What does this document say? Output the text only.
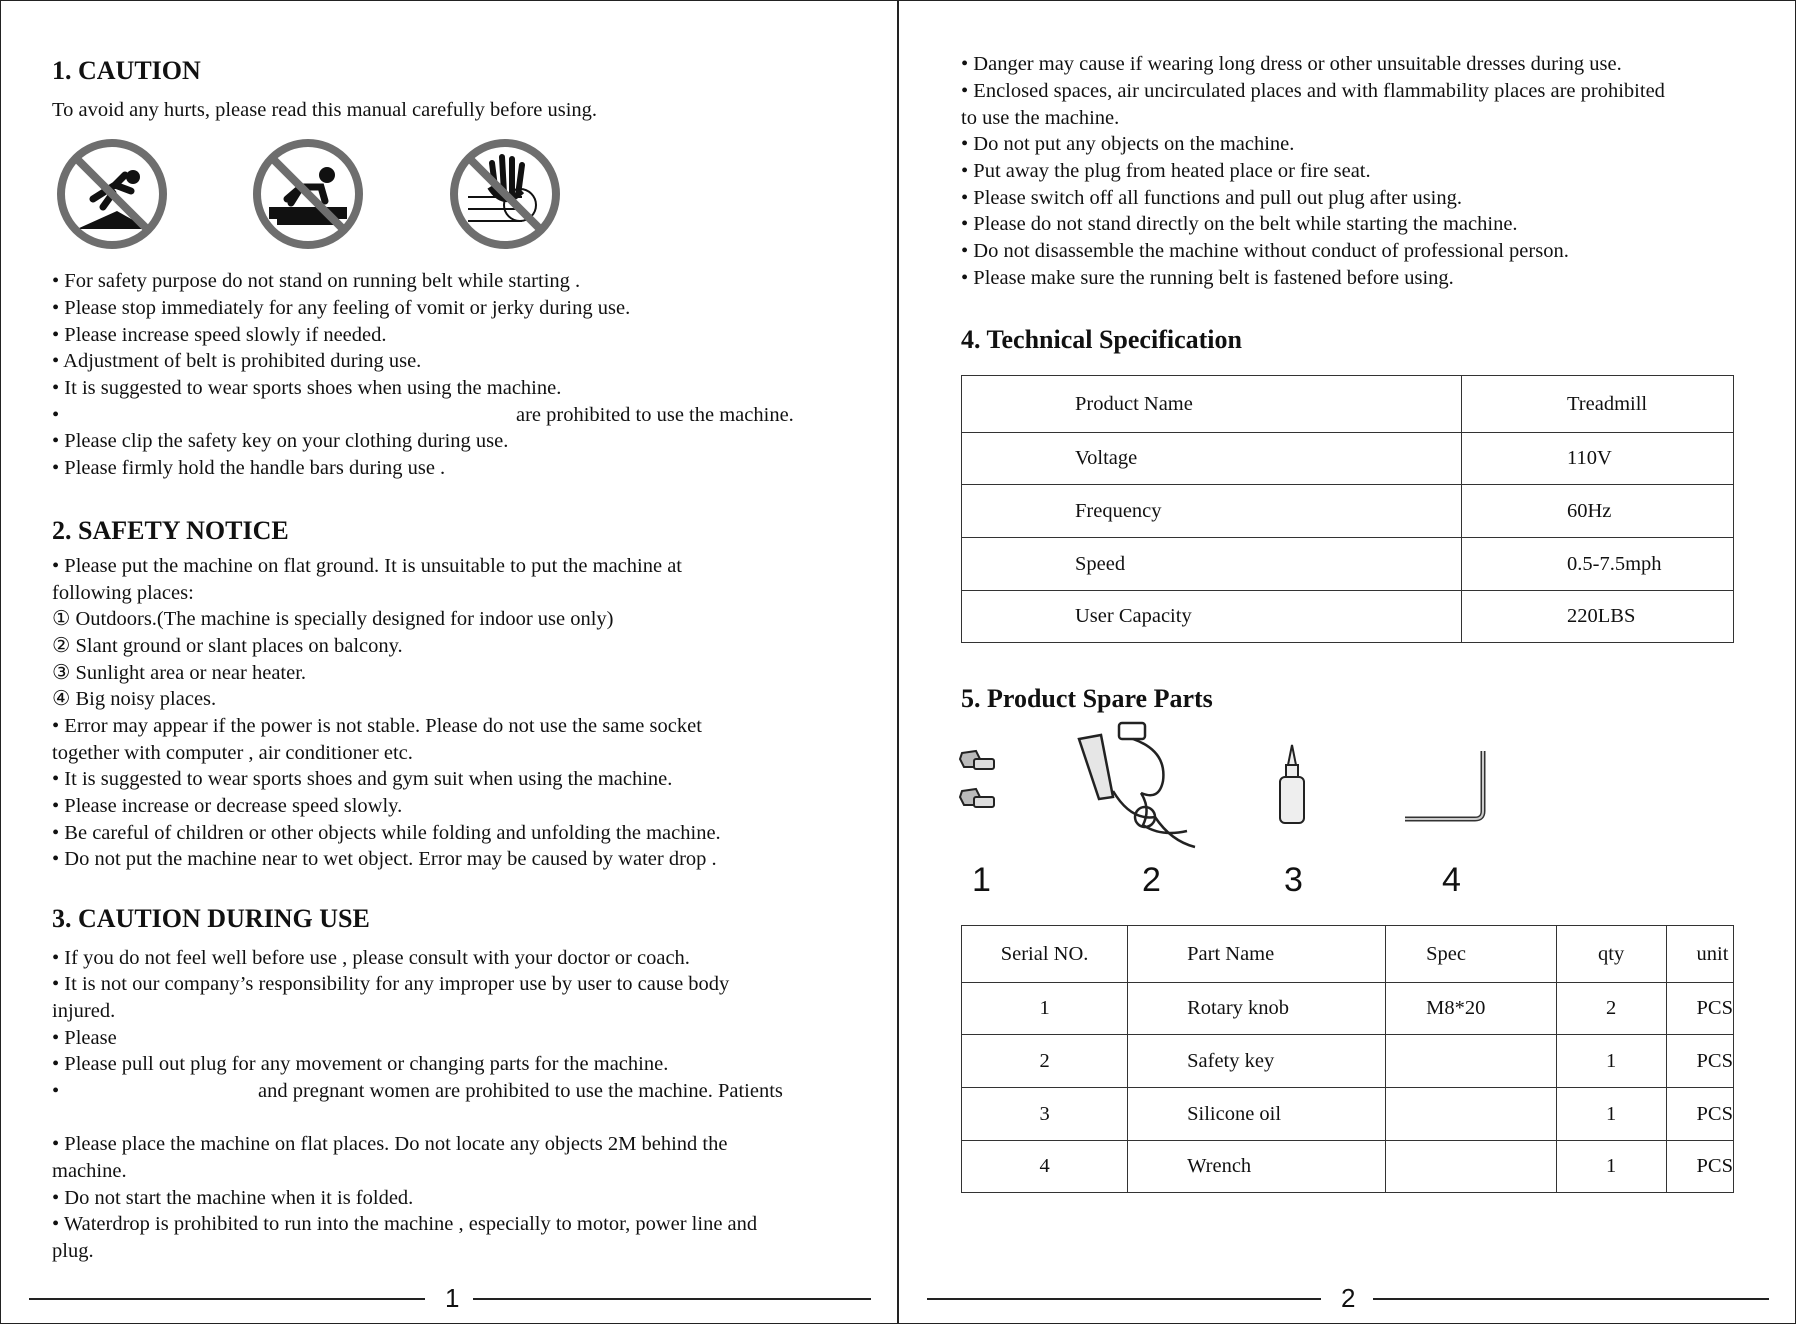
1. CAUTION
To avoid any hurts, please read this manual carefully before using.
• For safety purpose do not stand on running belt while starting .
• Please stop immediately for any feeling of vomit or jerky during use.
• Please increase speed slowly if needed.
• Adjustment of belt is prohibited during use.
• It is suggested to wear sports shoes when using the machine.
•	are prohibited to use the machine.
• Please clip the safety key on your clothing during use.
• Please firmly hold the handle bars during use .
2. SAFETY NOTICE
• Please put the machine on flat ground. It is unsuitable to put the machine at
following places:
① Outdoors.(The machine is specially designed for indoor use only)
② Slant ground or slant places on balcony.
③ Sunlight area or near heater.
④ Big noisy places.
• Error may appear if the power is not stable. Please do not use the same socket
together with computer , air conditioner etc.
• It is suggested to wear sports shoes and gym suit when using the machine.
• Please increase or decrease speed slowly.
• Be careful of children or other objects while folding and unfolding the machine.
• Do not put the machine near to wet object. Error may be caused by water drop .
3. CAUTION DURING USE
• If you do not feel well before use , please consult with your doctor or coach.
• It is not our company’s responsibility for any improper use by user to cause body
injured.
• Please
• Please pull out plug for any movement or changing parts for the machine.
•	and pregnant women are prohibited to use the machine. Patients
• Please place the machine on flat places. Do not locate any objects 2M behind the
machine.
• Do not start the machine when it is folded.
• Waterdrop is prohibited to run into the machine , especially to motor, power line and
plug.
1
• Danger may cause if wearing long dress or other unsuitable dresses during use.
• Enclosed spaces, air uncirculated places and with flammability places are prohibited
to use the machine.
• Do not put any objects on the machine.
• Put away the plug from heated place or fire seat.
• Please switch off all functions and pull out plug after using.
• Please do not stand directly on the belt while starting the machine.
• Do not disassemble the machine without conduct of professional person.
• Please make sure the running belt is fastened before using.
4. Technical Specification
Product Name	Treadmill
Voltage	110V
Frequency	60Hz
Speed	0.5-7.5mph
User Capacity	220LBS
5. Product Spare Parts
1	2	3	4
Serial NO.	Part Name	Spec	qty	unit
1	Rotary knob	M8*20	2	PCS
2	Safety key		1	PCS
3	Silicone oil		1	PCS
4	Wrench		1	PCS
2
